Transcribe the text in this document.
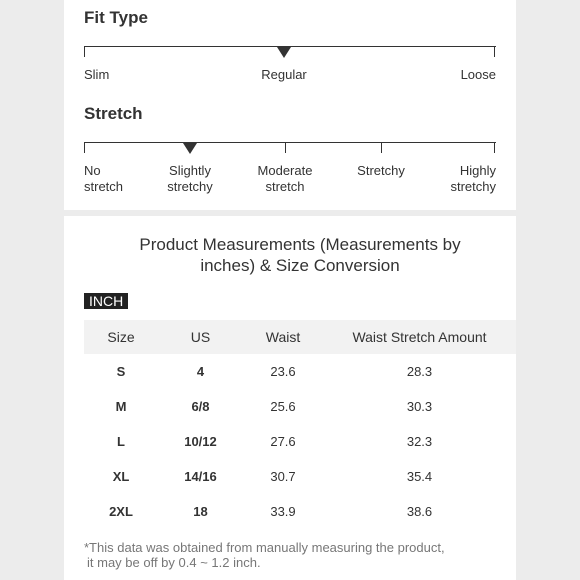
Fit Type
Slim	Regular	Loose
Stretch
No
stretch
Slightly
stretchy
Moderate
stretch
Stretchy	Highly
stretchy
Product Measurements (Measurements by inches) & Size Conversion
INCH
Size	US	Waist	Waist Stretch Amount
S	4	23.6	28.3
M	6/8	25.6	30.3
L	10/12	27.6	32.3
XL	14/16	30.7	35.4
2XL	18	33.9	38.6
*This data was obtained from manually measuring the product,
it may be off by 0.4 ~ 1.2 inch.
